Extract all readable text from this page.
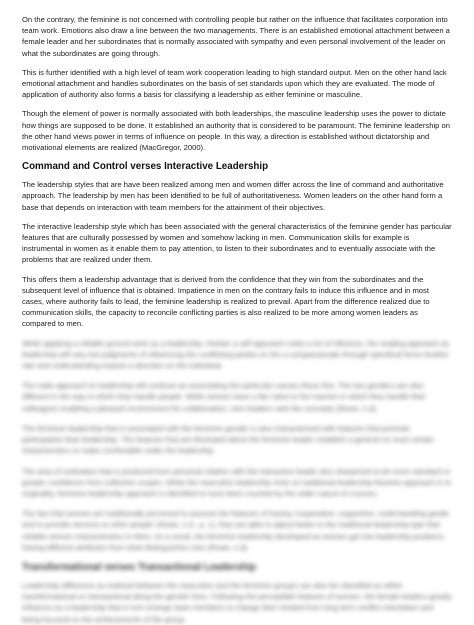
On the contrary, the feminine is not concerned with controlling people but rather on the influence that facilitates corporation into team work. Emotions also draw a line between the two managements. There is an established emotional attachment between a female leader and her subordinates that is normally associated with sympathy and even personal involvement of the leader on what the subordinates are going through.

This is further identified with a high level of team work cooperation leading to high standard output. Men on the other hand lack emotional attachment and handles subordinates on the basis of set standards upon which they are evaluated. The mode of application of authority also forms a basis for classifying a leadership as either feminine or masculine.

Though the element of power is normally associated with both leaderships, the masculine leadership uses the power to dictate how things are supposed to be done. It established an authority that is considered to be paramount. The feminine leadership on the other hand views power in terms of influence on people. In this way, a direction is established without dictatorship and motivational elements are realized (MacGregor, 2000).

Command and Control verses Interactive Leadership

The leadership styles that are have been realized among men and women differ across the line of command and authoritative approach. The leadership by men has been identified to be full of authoritativeness. Women leaders on the other hand form a base that depends on interaction with team members for the attainment of their objectives.

The interactive leadership style which has been associated with the general characteristics of the feminine gender has particular features that are culturally possessed by women and somehow lacking in men. Communication skills for example is instrumental in women as it enable them to pay attention, to listen to their subordinates and to eventually associate with the problems that are realized under them.

This offers them a leadership advantage that is derived from the confidence that they win from the subordinates and the subsequent level of influence that is obtained. Impatience in men on the contrary fails to induce this influence and in most cases, where authority fails to lead, the feminine leadership is realized to prevail. Apart from the difference realized due to communication skills, the capacity to reconcile conflicting parties is also realized to be more among women leaders as compared to men.

While applying a reliable ground work as a leadership, Hoeber a self approach notes a lot of influence, the reading approach as leadership will vary two judgments of influencing the conflicting parties on the a compassionate through specifical forms brother rate and understanding impose a direction on the individual.

The male approach to leadership will continue an associating the particular causes these this. The two genders are also different in the way in which they handle people. While women have a fair value to the manner in which they handle their colleagues enabling a pleasant environment for collaboration, men leaders rank the concepts (Rowe, n.d).

The feminine leadership that is associated with the feminine gender is also characterized with features that promote participation than leadership. The features that are illustrated about the feminine leader establish a general on most certain characteristics or make comfortable under the leadership.

The area of motivation that is produced from personal relation with the interactive leader also sharpened to be more standard or greater confidence from collective scopes. While the masculine leadership rests on traditional leadership theories approach is to originality, feminine leadership approach is identified to have been counted by the wider nature of courses.

The fact that women are traditionally perceived to assume the features of having 'cooperative, supportive, understanding gentle and to provide services to other people' (Rowe, n.d., p. 1), they are able to adjust better to the traditional leadership type that reliable women characteristics in them. As a result, the feminine leadership developed as women got into leadership positions, having different attributes from what distinguishes men (Rowe, n.d).

Transformational verses Transactional Leadership

Leadership difference as realized between the masculine and the feminine groups can also be classified as either transformational or transactional along the gender lines. Following the perceptible features of women, the female leaders greatly influence as a leadership that in turn emerge team members to change their minded from long term conflict orientation and being focused on the achievements of the group.
